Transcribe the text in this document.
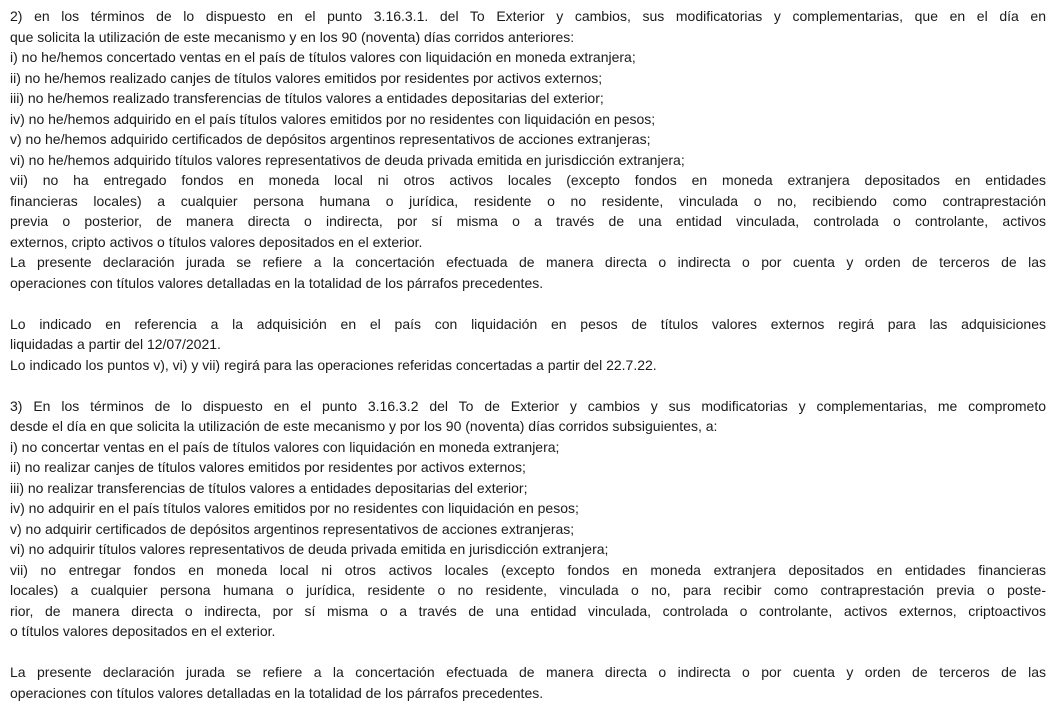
2) en los términos de lo dispuesto en el punto 3.16.3.1. del To Exterior y cambios, sus modificatorias y complementarias, que en el día en
que solicita la utilización de este mecanismo y en los 90 (noventa) días corridos anteriores:
i) no he/hemos concertado ventas en el país de títulos valores con liquidación en moneda extranjera;
ii) no he/hemos realizado canjes de títulos valores emitidos por residentes por activos externos;
iii) no he/hemos realizado transferencias de títulos valores a entidades depositarias del exterior;
iv) no he/hemos adquirido en el país títulos valores emitidos por no residentes con liquidación en pesos;
v) no he/hemos adquirido certificados de depósitos argentinos representativos de acciones extranjeras;
vi) no he/hemos adquirido títulos valores representativos de deuda privada emitida en jurisdicción extranjera;
vii) no ha entregado fondos en moneda local ni otros activos locales (excepto fondos en moneda extranjera depositados en entidades
financieras locales) a cualquier persona humana o jurídica, residente o no residente, vinculada o no, recibiendo como contraprestación
previa o posterior, de manera directa o indirecta, por sí misma o a través de una entidad vinculada, controlada o controlante, activos
externos, cripto activos o títulos valores depositados en el exterior.
La presente declaración jurada se refiere a la concertación efectuada de manera directa o indirecta o por cuenta y orden de terceros de las
operaciones con títulos valores detalladas en la totalidad de los párrafos precedentes.
Lo indicado en referencia a la adquisición en el país con liquidación en pesos de títulos valores externos regirá para las adquisiciones
liquidadas a partir del 12/07/2021.
Lo indicado los puntos v), vi) y vii) regirá para las operaciones referidas concertadas a partir del 22.7.22.
3) En los términos de lo dispuesto en el punto 3.16.3.2 del To de Exterior y cambios y sus modificatorias y complementarias, me comprometo
desde el día en que solicita la utilización de este mecanismo y por los 90 (noventa) días corridos subsiguientes, a:
i) no concertar ventas en el país de títulos valores con liquidación en moneda extranjera;
ii) no realizar canjes de títulos valores emitidos por residentes por activos externos;
iii) no realizar transferencias de títulos valores a entidades depositarias del exterior;
iv) no adquirir en el país títulos valores emitidos por no residentes con liquidación en pesos;
v) no adquirir certificados de depósitos argentinos representativos de acciones extranjeras;
vi) no adquirir títulos valores representativos de deuda privada emitida en jurisdicción extranjera;
vii) no entregar fondos en moneda local ni otros activos locales (excepto fondos en moneda extranjera depositados en entidades financieras
locales) a cualquier persona humana o jurídica, residente o no residente, vinculada o no, para recibir como contraprestación previa o poste-
rior, de manera directa o indirecta, por sí misma o a través de una entidad vinculada, controlada o controlante, activos externos, criptoactivos
o títulos valores depositados en el exterior.
La presente declaración jurada se refiere a la concertación efectuada de manera directa o indirecta o por cuenta y orden de terceros de las
operaciones con títulos valores detalladas en la totalidad de los párrafos precedentes.
